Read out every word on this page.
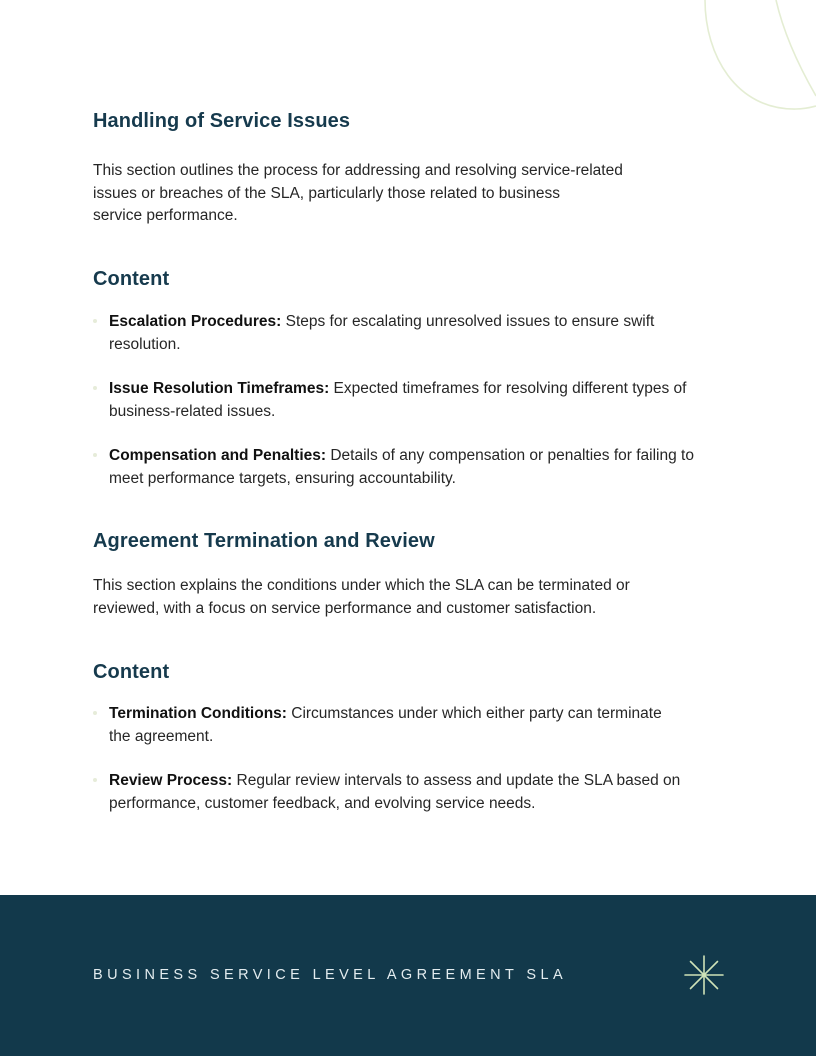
Handling of Service Issues
This section outlines the process for addressing and resolving service-related
issues or breaches of the SLA, particularly those related to business
service performance.
Content
Escalation Procedures: Steps for escalating unresolved issues to ensure swift resolution.
Issue Resolution Timeframes: Expected timeframes for resolving different types of business-related issues.
Compensation and Penalties: Details of any compensation or penalties for failing to meet performance targets, ensuring accountability.
Agreement Termination and Review
This section explains the conditions under which the SLA can be terminated or
reviewed, with a focus on service performance and customer satisfaction.
Content
Termination Conditions: Circumstances under which either party can terminate the agreement.
Review Process: Regular review intervals to assess and update the SLA based on performance, customer feedback, and evolving service needs.
BUSINESS SERVICE LEVEL AGREEMENT SLA
